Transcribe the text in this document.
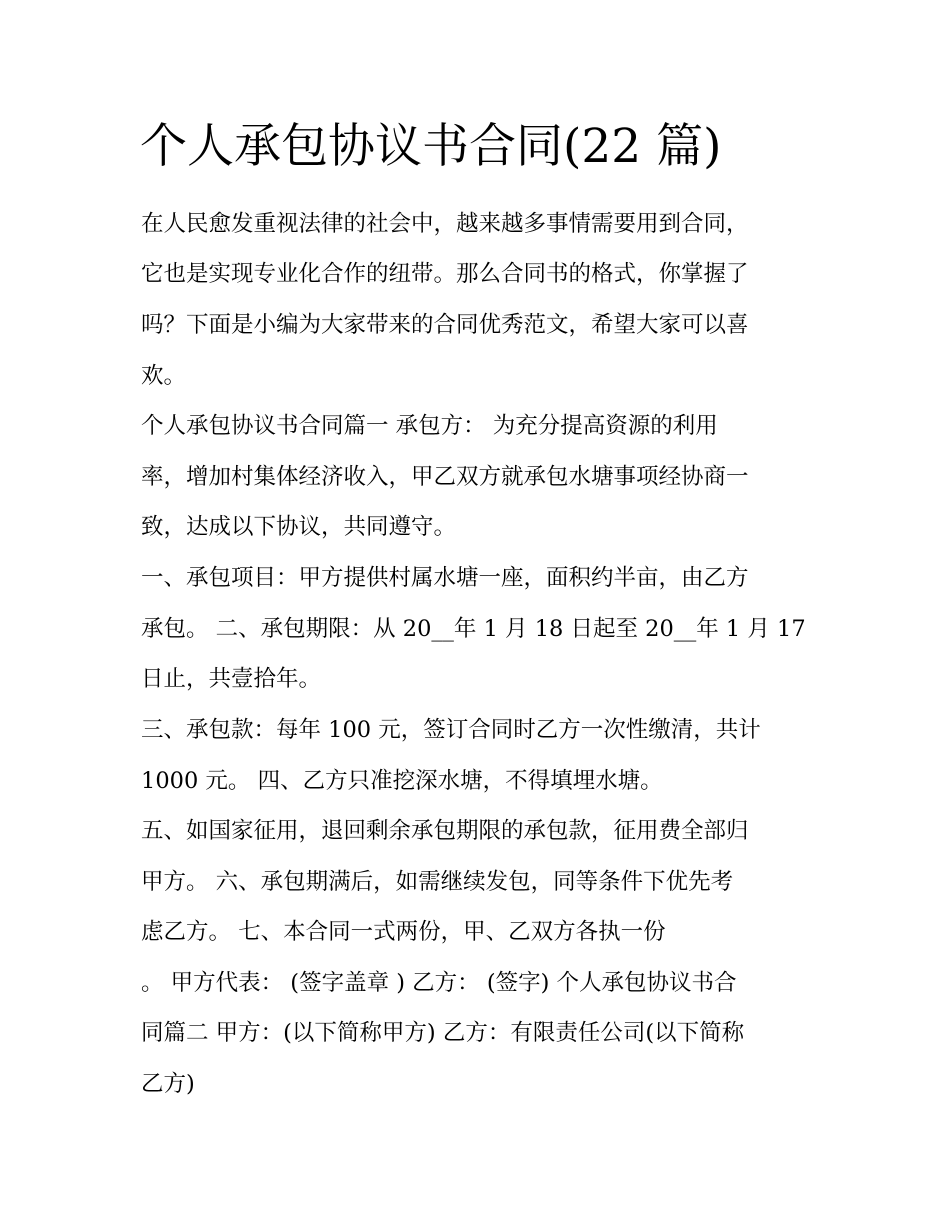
个人承包协议书合同(22 篇)

在人民愈发重视法律的社会中，越来越多事情需要用到合同，

它也是实现专业化合作的纽带。那么合同书的格式，你掌握了

吗？下面是小编为大家带来的合同优秀范文，希望大家可以喜

欢。

个人承包协议书合同篇一 承包方： 为充分提高资源的利用

率，增加村集体经济收入，甲乙双方就承包水塘事项经协商一

致，达成以下协议，共同遵守。

一、承包项目：甲方提供村属水塘一座，面积约半亩，由乙方

承包。 二、承包期限：从 20__年 1 月 18 日起至 20__年 1 月 17

日止，共壹拾年。

三、承包款：每年 100 元，签订合同时乙方一次性缴清，共计

1000 元。 四、乙方只准挖深水塘，不得填埋水塘。

五、如国家征用，退回剩余承包期限的承包款，征用费全部归

甲方。 六、承包期满后，如需继续发包，同等条件下优先考

虑乙方。 七、本合同一式两份，甲、乙双方各执一份

。 甲方代表： (签字盖章 ) 乙方： (签字) 个人承包协议书合

同篇二 甲方：(以下简称甲方) 乙方：有限责任公司(以下简称

乙方)
